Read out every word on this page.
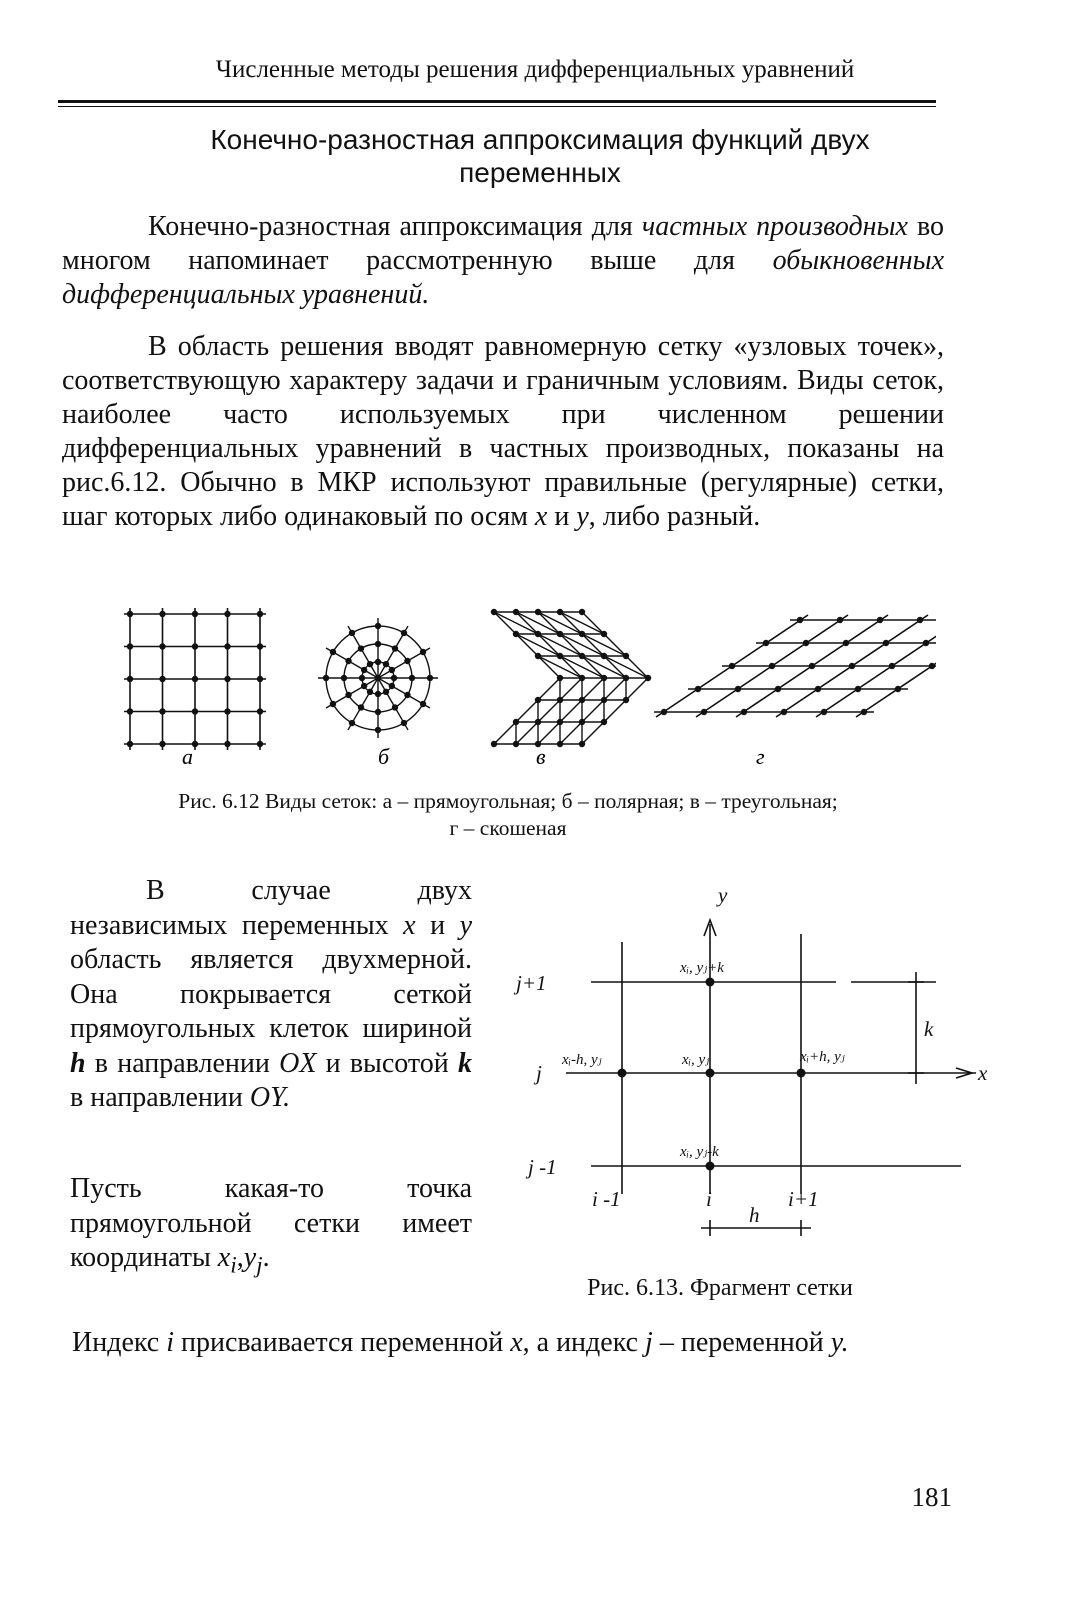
Численные методы решения дифференциальных уравнений
Конечно-разностная аппроксимация функций двух переменных
Конечно-разностная аппроксимация для частных производных во многом напоминает рассмотренную выше для обыкновенных дифференциальных уравнений.
В область решения вводят равномерную сетку «узловых точек», соответствующую характеру задачи и граничным условиям. Виды сеток, наиболее часто используемых при численном решении дифференциальных уравнений в частных производных, показаны на рис.6.12. Обычно в МКР используют правильные (регулярные) сетки, шаг которых либо одинаковый по осям x и y, либо разный.
а	б	в	г
Рис. 6.12 Виды сеток: а – прямоугольная; б – полярная; в – треугольная;
г – скошеная
В случае двух независимых переменных x и y область является двухмерной. Она покрывается сеткой прямоугольных клеток шириной h в направлении OX и высотой k в направлении OY.
Пусть какая-то точка прямоугольной сетки имеет координаты $x_i,y_j$.
y
x
j+1
j
j -1
i -1	i	i+1
h
k
xᵢ, yⱼ+k
xᵢ-h, yⱼ	xᵢ, yⱼ	xᵢ+h, yⱼ
xᵢ, yⱼ-k
Рис. 6.13. Фрагмент сетки
Индекс i присваивается переменной x, а индекс j – переменной y.
181
